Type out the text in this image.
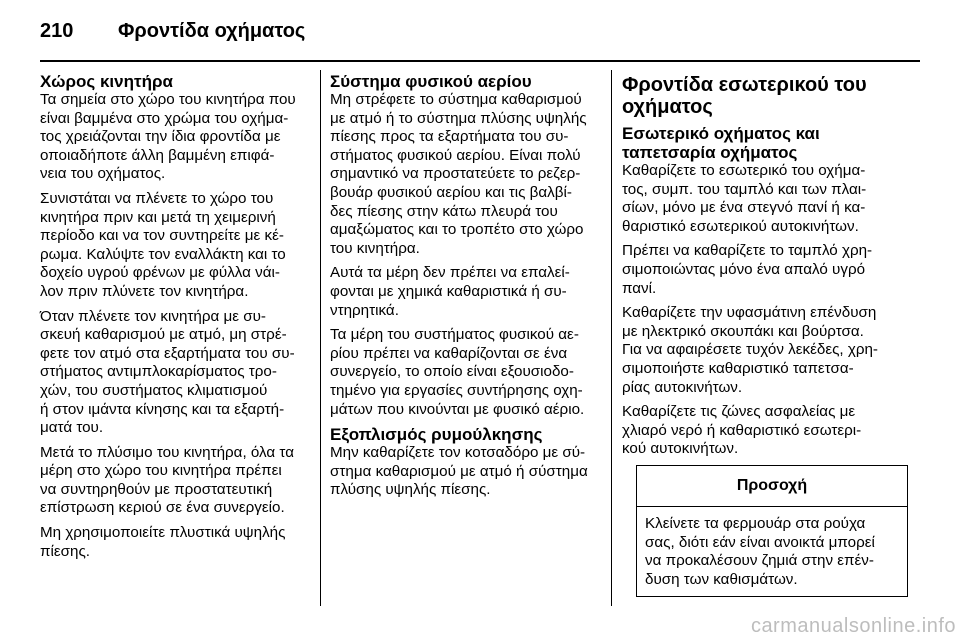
210 Φροντίδα οχήματος
Χώρος κινητήρα

Τα σημεία στο χώρο του κινητήρα που
είναι βαμμένα στο χρώμα του οχήμα-
τος χρειάζονται την ίδια φροντίδα με
οποιαδήποτε άλλη βαμμένη επιφά-
νεια του οχήματος.

Συνιστάται να πλένετε το χώρο του
κινητήρα πριν και μετά τη χειμερινή
περίοδο και να τον συντηρείτε με κέ-
ρωμα. Καλύψτε τον εναλλάκτη και το
δοχείο υγρού φρένων με φύλλα νάι-
λον πριν πλύνετε τον κινητήρα.

Όταν πλένετε τον κινητήρα με συ-
σκευή καθαρισμού με ατμό, μη στρέ-
φετε τον ατμό στα εξαρτήματα του συ-
στήματος αντιμπλοκαρίσματος τρο-
χών, του συστήματος κλιματισμού
ή στον ιμάντα κίνησης και τα εξαρτή-
ματά του.

Μετά το πλύσιμο του κινητήρα, όλα τα
μέρη στο χώρο του κινητήρα πρέπει
να συντηρηθούν με προστατευτική
επίστρωση κεριού σε ένα συνεργείο.

Μη χρησιμοποιείτε πλυστικά υψηλής
πίεσης.

Σύστημα φυσικού αερίου

Μη στρέφετε το σύστημα καθαρισμού
με ατμό ή το σύστημα πλύσης υψηλής
πίεσης προς τα εξαρτήματα του συ-
στήματος φυσικού αερίου. Είναι πολύ
σημαντικό να προστατεύετε το ρεζερ-
βουάρ φυσικού αερίου και τις βαλβί-
δες πίεσης στην κάτω πλευρά του
αμαξώματος και το τροπέτο στο χώρο
του κινητήρα.

Αυτά τα μέρη δεν πρέπει να επαλεί-
φονται με χημικά καθαριστικά ή συ-
ντηρητικά.

Τα μέρη του συστήματος φυσικού αε-
ρίου πρέπει να καθαρίζονται σε ένα
συνεργείο, το οποίο είναι εξουσιοδο-
τημένο για εργασίες συντήρησης οχη-
μάτων που κινούνται με φυσικό αέριο.

Εξοπλισμός ρυμούλκησης

Μην καθαρίζετε τον κοτσαδόρο με σύ-
στημα καθαρισμού με ατμό ή σύστημα
πλύσης υψηλής πίεσης.

Φροντίδα εσωτερικού του
οχήματος
Εσωτερικό οχήματος και
ταπετσαρία οχήματος

Καθαρίζετε το εσωτερικό του οχήμα-
τος, συμπ. του ταμπλό και των πλαι-
σίων, μόνο με ένα στεγνό πανί ή κα-
θαριστικό εσωτερικού αυτοκινήτων.

Πρέπει να καθαρίζετε το ταμπλό χρη-
σιμοποιώντας μόνο ένα απαλό υγρό
πανί.

Καθαρίζετε την υφασμάτινη επένδυση
με ηλεκτρικό σκουπάκι και βούρτσα.
Για να αφαιρέσετε τυχόν λεκέδες, χρη-
σιμοποιήστε καθαριστικό ταπετσα-
ρίας αυτοκινήτων.

Καθαρίζετε τις ζώνες ασφαλείας με
χλιαρό νερό ή καθαριστικό εσωτερι-
κού αυτοκινήτων.

Προσοχή
Κλείνετε τα φερμουάρ στα ρούχα
σας, διότι εάν είναι ανοικτά μπορεί
να προκαλέσουν ζημιά στην επέν-
δυση των καθισμάτων.
carmanualsonline.info
